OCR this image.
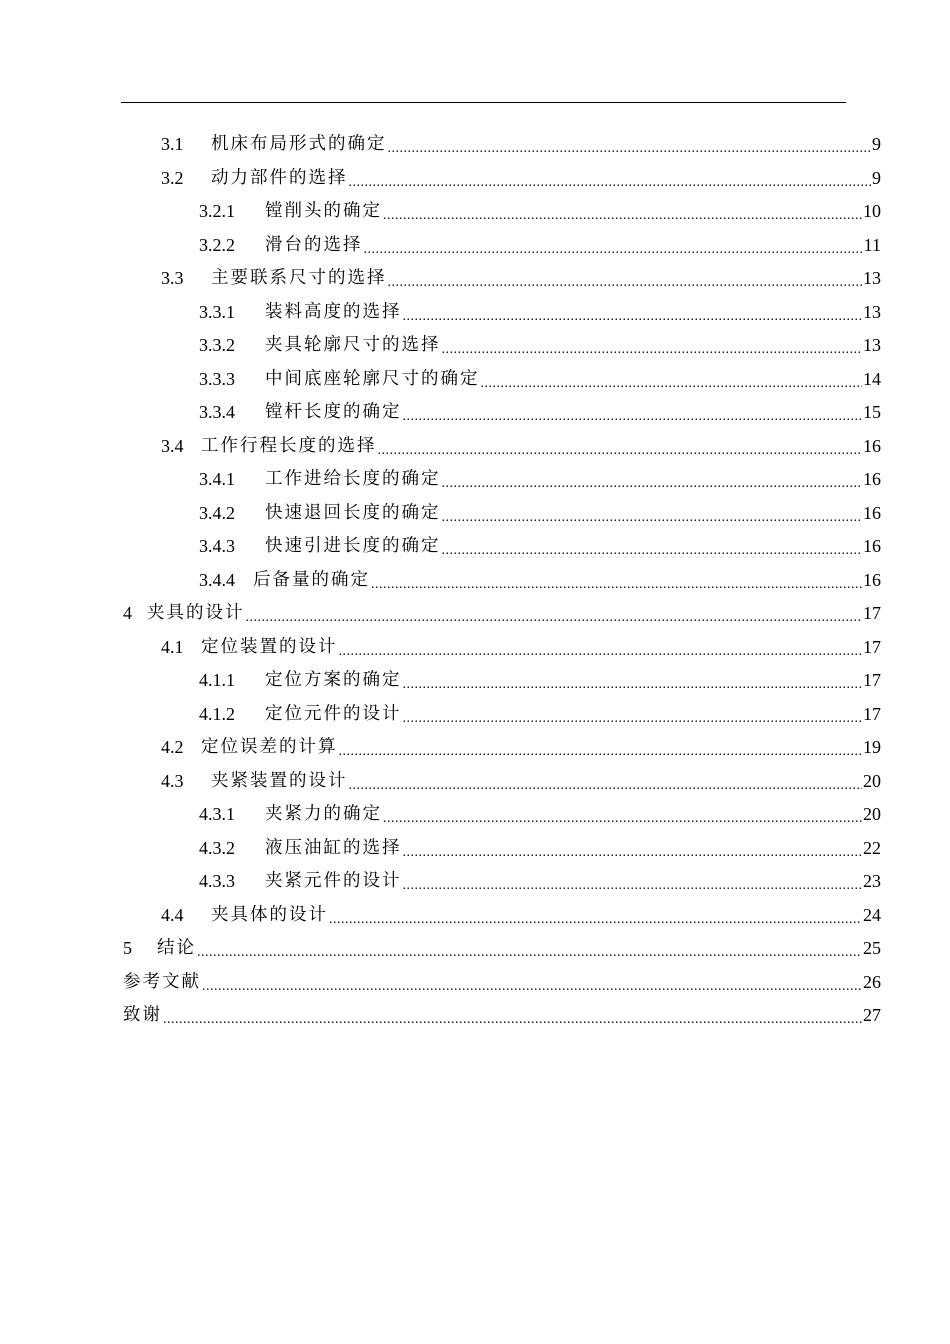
3.1	机床布局形式的确定 .....	9
3.2	动力部件的选择 .....	9
3.2.1	镗削头的确定 .....	10
3.2.2	滑台的选择 .....	11
3.3	主要联系尺寸的选择 .....	13
3.3.1	装料高度的选择 .....	13
3.3.2	夹具轮廓尺寸的选择 .....	13
3.3.3	中间底座轮廓尺寸的确定 .....	14
3.3.4	镗杆长度的确定 .....	15
3.4	工作行程长度的选择 .....	16
3.4.1	工作进给长度的确定 .....	16
3.4.2	快速退回长度的确定 .....	16
3.4.3	快速引进长度的确定 .....	16
3.4.4	后备量的确定 .....	16
4 夹具的设计 .....	17
4.1	定位装置的设计 .....	17
4.1.1	定位方案的确定 .....	17
4.1.2	定位元件的设计 .....	17
4.2	定位误差的计算 .....	19
4.3	夹紧装置的设计 .....	20
4.3.1	夹紧力的确定 .....	20
4.3.2	液压油缸的选择 .....	22
4.3.3	夹紧元件的设计 .....	23
4.4	夹具体的设计 .....	24
5	结论 .....	25
参考文献 .....	26
致谢 .....	27
